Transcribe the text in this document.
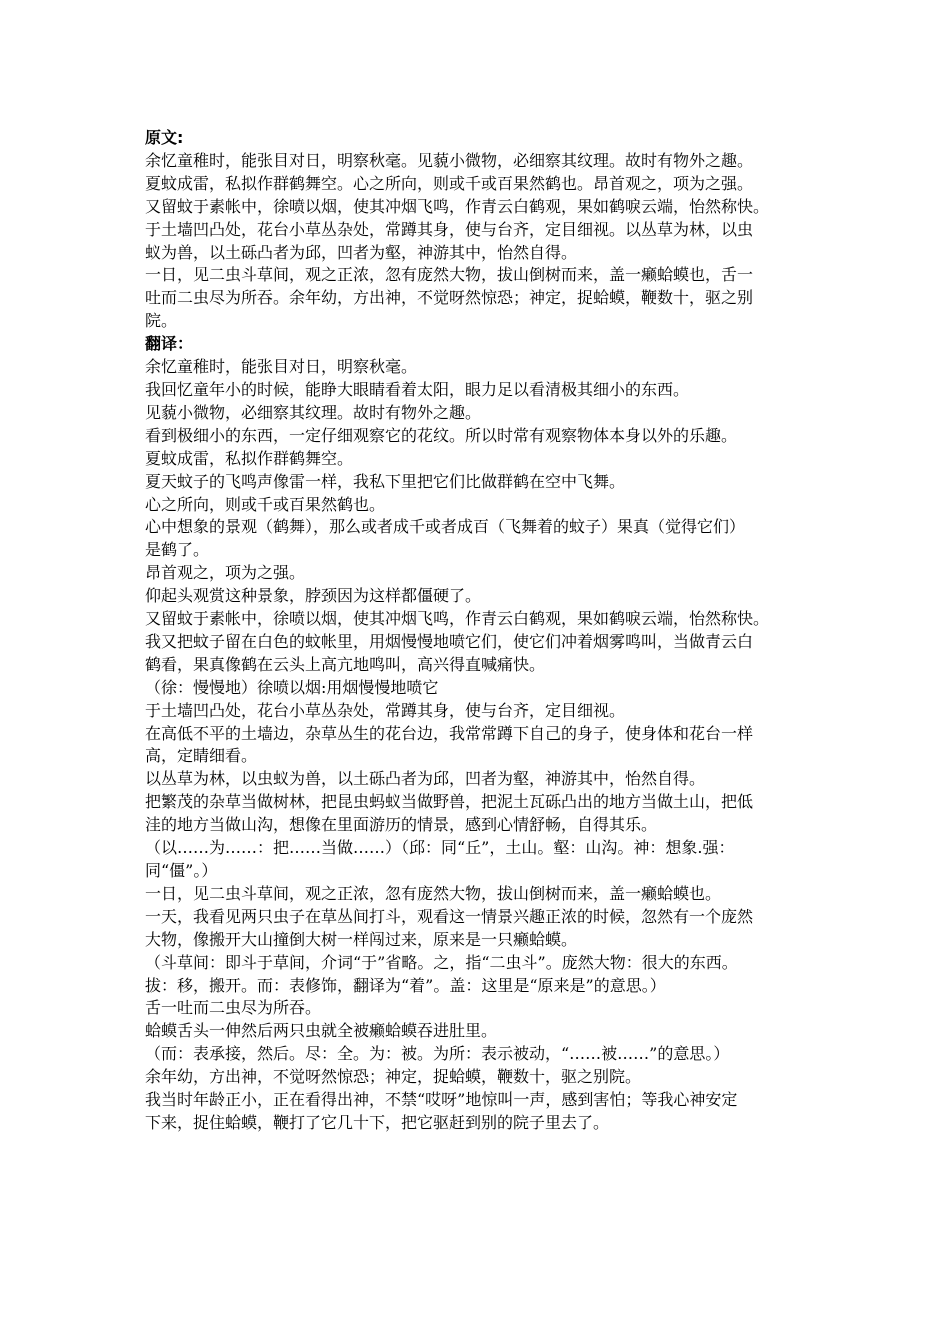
原文:

余忆童稚时，能张目对日，明察秋毫。见藐小微物，必细察其纹理。故时有物外之趣。

夏蚊成雷，私拟作群鹤舞空。心之所向，则或千或百果然鹤也。昂首观之，项为之强。

又留蚊于素帐中，徐喷以烟，使其冲烟飞鸣，作青云白鹤观，果如鹤唳云端，怡然称快。

于土墙凹凸处，花台小草丛杂处，常蹲其身，使与台齐，定目细视。以丛草为林，以虫

蚁为兽，以土砾凸者为邱，凹者为壑，神游其中，怡然自得。

一日，见二虫斗草间，观之正浓，忽有庞然大物，拔山倒树而来，盖一癞蛤蟆也，舌一

吐而二虫尽为所吞。余年幼，方出神，不觉呀然惊恐；神定，捉蛤蟆，鞭数十，驱之别

院。

翻译：

余忆童稚时，能张目对日，明察秋毫。

我回忆童年小的时候，能睁大眼睛看着太阳，眼力足以看清极其细小的东西。

见藐小微物，必细察其纹理。故时有物外之趣。

看到极细小的东西，一定仔细观察它的花纹。所以时常有观察物体本身以外的乐趣。

夏蚊成雷，私拟作群鹤舞空。

夏天蚊子的飞鸣声像雷一样，我私下里把它们比做群鹤在空中飞舞。

心之所向，则或千或百果然鹤也。

心中想象的景观（鹤舞），那么或者成千或者成百（飞舞着的蚊子）果真（觉得它们）

是鹤了。

昂首观之，项为之强。

仰起头观赏这种景象，脖颈因为这样都僵硬了。

又留蚊于素帐中，徐喷以烟，使其冲烟飞鸣，作青云白鹤观，果如鹤唳云端，怡然称快。

我又把蚊子留在白色的蚊帐里，用烟慢慢地喷它们，使它们冲着烟雾鸣叫，当做青云白

鹤看，果真像鹤在云头上高亢地鸣叫，高兴得直喊痛快。

（徐：慢慢地）徐喷以烟:用烟慢慢地喷它

于土墙凹凸处，花台小草丛杂处，常蹲其身，使与台齐，定目细视。

在高低不平的土墙边，杂草丛生的花台边，我常常蹲下自己的身子，使身体和花台一样

高，定睛细看。

以丛草为林，以虫蚁为兽，以土砾凸者为邱，凹者为壑，神游其中，怡然自得。

把繁茂的杂草当做树林，把昆虫蚂蚁当做野兽，把泥土瓦砾凸出的地方当做土山，把低

洼的地方当做山沟，想像在里面游历的情景，感到心情舒畅，自得其乐。

（以……为……：把……当做……）（邱：同“丘”，土山。壑：山沟。神：想象.强：

同“僵”。）

一日，见二虫斗草间，观之正浓，忽有庞然大物，拔山倒树而来，盖一癞蛤蟆也。

一天，我看见两只虫子在草丛间打斗，观看这一情景兴趣正浓的时候，忽然有一个庞然

大物，像搬开大山撞倒大树一样闯过来，原来是一只癞蛤蟆。

（斗草间：即斗于草间，介词“于”省略。之，指“二虫斗”。庞然大物：很大的东西。

拔：移，搬开。而：表修饰，翻译为“着”。盖：这里是“原来是”的意思。）

舌一吐而二虫尽为所吞。

蛤蟆舌头一伸然后两只虫就全被癞蛤蟆吞进肚里。

（而：表承接，然后。尽：全。为：被。为所：表示被动，“……被……”的意思。）

余年幼，方出神，不觉呀然惊恐；神定，捉蛤蟆，鞭数十，驱之别院。

我当时年龄正小，正在看得出神，不禁“哎呀”地惊叫一声，感到害怕；等我心神安定

下来，捉住蛤蟆，鞭打了它几十下，把它驱赶到别的院子里去了。
